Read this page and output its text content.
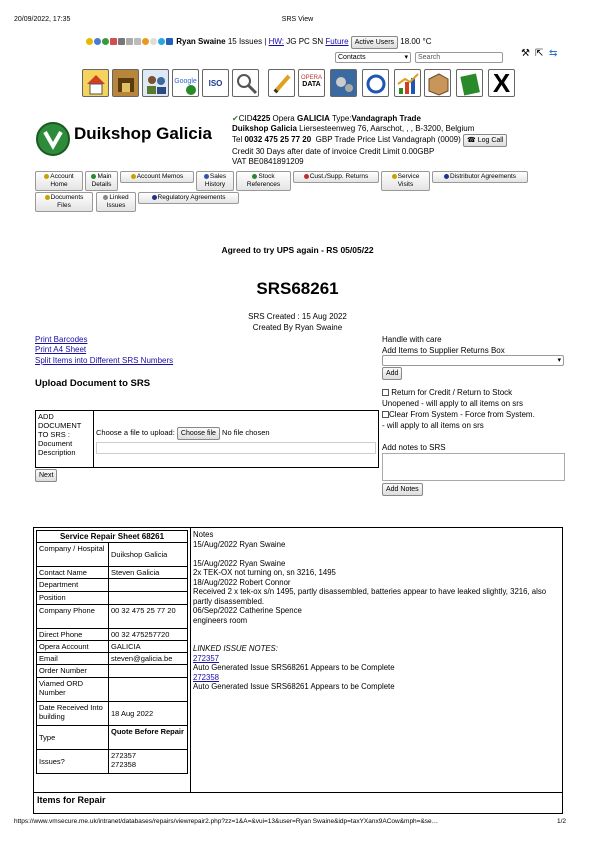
20/09/2022, 17:35	SRS View
Ryan Swaine 15 Issues | HW: JG PC SN Future Active Users 18.00 °C
Contacts	▾	Search	⚒ ⇱ ⇆
Google	ISO
OPERA
DATA	X
Duikshop Galicia
✔CID4225 Opera GALICIA Type:Vandagraph Trade
Duikshop Galicia Liersesteenweg 76, Aarschot, , , B-3200, Belgium
Tel 0032 475 25 77 20 GBP Trade Price List Vandagraph (0009) ☎ Log Call
Credit 30 Days after date of invoice Credit Limit 0.00GBP
VAT BE0841891209
Account
Home
Main
Details
Account Memos	Sales
History
Stock
References
Cust./Supp. Returns	Service
Visits
Distributor Agreements
Documents
Files
Linked
Issues
Regulatory Agreements
Agreed to try UPS again - RS 05/05/22
SRS68261
SRS Created : 15 Aug 2022
Created By Ryan Swaine
Print Barcodes
Print A4 Sheet
Split Items into Different SRS Numbers
Upload Document to SRS
ADD DOCUMENT TO SRS : Document Description	Choose a file to upload: Choose file No file chosen
Next
Handle with care
Add Items to Supplier Returns Box
▾
Add
Return for Credit / Return to Stock
Unopened - will apply to all items on srs
Clear From System - Force from System.
- will apply to all items on srs
Add notes to SRS
Add Notes
Service Repair Sheet 68261	
Company / Hospital	Duikshop Galicia
Contact Name	Steven Galicia
Department	
Position	
Company Phone	00 32 475 25 77 20
Direct Phone	00 32 475257720
Opera Account	GALICIA
Email	steven@galicia.be
Order Number	
Viamed ORD Number	
Date Received Into building	18 Aug 2022
Type	Quote Before Repair
Issues?	272357
272358
Items for Repair
Notes
15/Aug/2022 Ryan Swaine
15/Aug/2022 Ryan Swaine
2x TEK-OX not turning on, sn 3216, 1495
18/Aug/2022 Robert Connor
Received 2 x tek-ox s/n 1495, partly disassembled, batteries appear to have leaked slightly, 3216, also partly disassembled.
06/Sep/2022 Catherine Spence
engineers room
LINKED ISSUE NOTES:
272357
Auto Generated Issue SRS68261 Appears to be Complete
272358
Auto Generated Issue SRS68261 Appears to be Complete
https://www.vmsecure.me.uk/intranet/databases/repairs/viewrepair2.php?zz=1&A=&vui=13&user=Ryan Swaine&idp=taxYXanx9ACow&mph=&se…	1/2
